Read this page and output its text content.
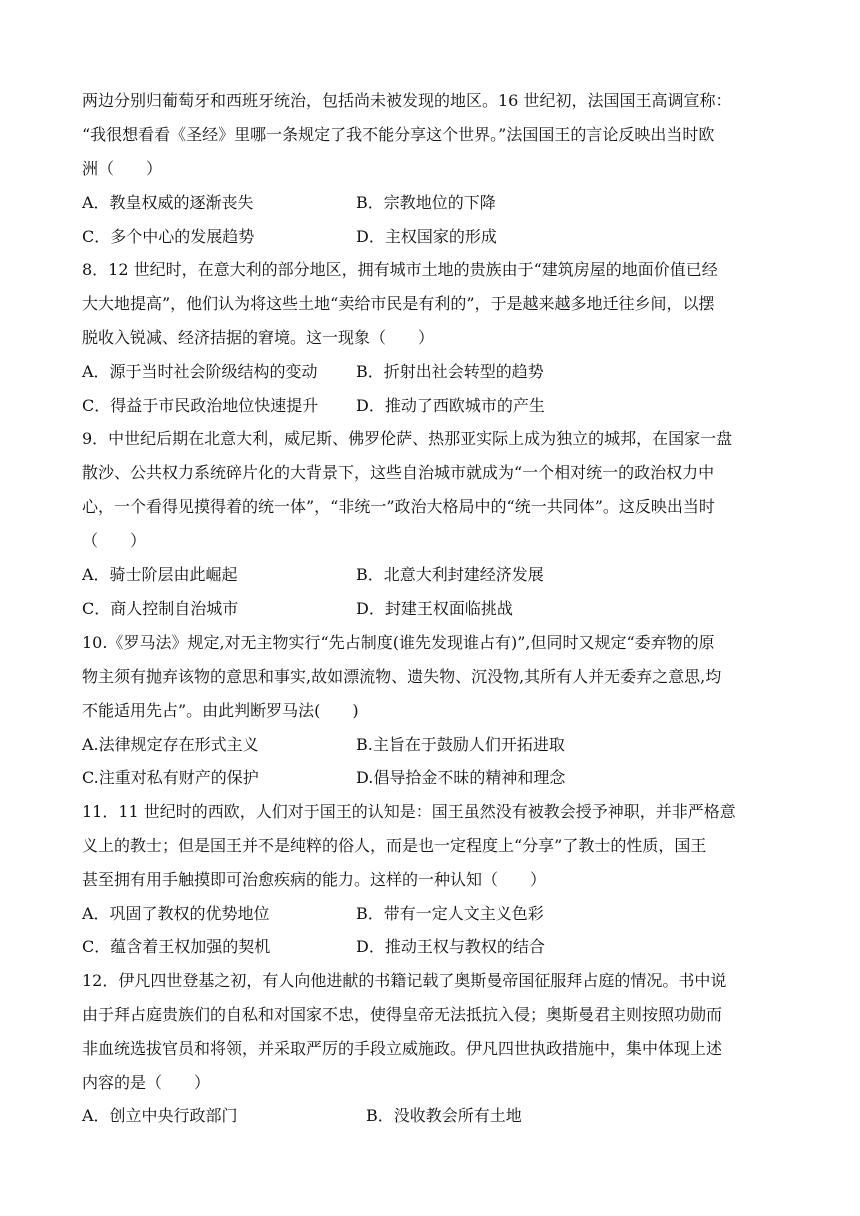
两边分别归葡萄牙和西班牙统治，包括尚未被发现的地区。16 世纪初，法国国王高调宣称：
“我很想看看《圣经》里哪一条规定了我不能分享这个世界。”法国国王的言论反映出当时欧
洲（　　）
A．教皇权威的逐渐丧失	B．宗教地位的下降
C．多个中心的发展趋势	D．主权国家的形成
8．12 世纪时，在意大利的部分地区，拥有城市土地的贵族由于“建筑房屋的地面价值已经
大大地提高”，他们认为将这些土地“卖给市民是有利的”，于是越来越多地迁往乡间，以摆
脱收入锐减、经济拮据的窘境。这一现象（　　）
A．源于当时社会阶级结构的变动 B．折射出社会转型的趋势
C．得益于市民政治地位快速提升 D．推动了西欧城市的产生
9．中世纪后期在北意大利，威尼斯、佛罗伦萨、热那亚实际上成为独立的城邦，在国家一盘
散沙、公共权力系统碎片化的大背景下，这些自治城市就成为“一个相对统一的政治权力中
心，一个看得见摸得着的统一体”，“非统一”政治大格局中的“统一共同体”。这反映出当时
（　　）
A．骑士阶层由此崛起	B．北意大利封建经济发展
C．商人控制自治城市	D．封建王权面临挑战
10.《罗马法》规定,对无主物实行“先占制度(谁先发现谁占有)”,但同时又规定“委弃物的原
物主须有抛弃该物的意思和事实,故如漂流物、遗失物、沉没物,其所有人并无委弃之意思,均
不能适用先占”。由此判断罗马法(　　)
A.法律规定存在形式主义	B.主旨在于鼓励人们开拓进取
C.注重对私有财产的保护	D.倡导拾金不昧的精神和理念
11．11 世纪时的西欧，人们对于国王的认知是：国王虽然没有被教会授予神职，并非严格意
义上的教士；但是国王并不是纯粹的俗人，而是也一定程度上“分享”了教士的性质，国王
甚至拥有用手触摸即可治愈疾病的能力。这样的一种认知（　　）
A．巩固了教权的优势地位	B．带有一定人文主义色彩
C．蕴含着王权加强的契机	D．推动王权与教权的结合
12．伊凡四世登基之初，有人向他进献的书籍记载了奥斯曼帝国征服拜占庭的情况。书中说
由于拜占庭贵族们的自私和对国家不忠，使得皇帝无法抵抗入侵；奥斯曼君主则按照功勋而
非血统选拔官员和将领，并采取严厉的手段立威施政。伊凡四世执政措施中，集中体现上述
内容的是（　　）
A．创立中央行政部门	B．没收教会所有土地
